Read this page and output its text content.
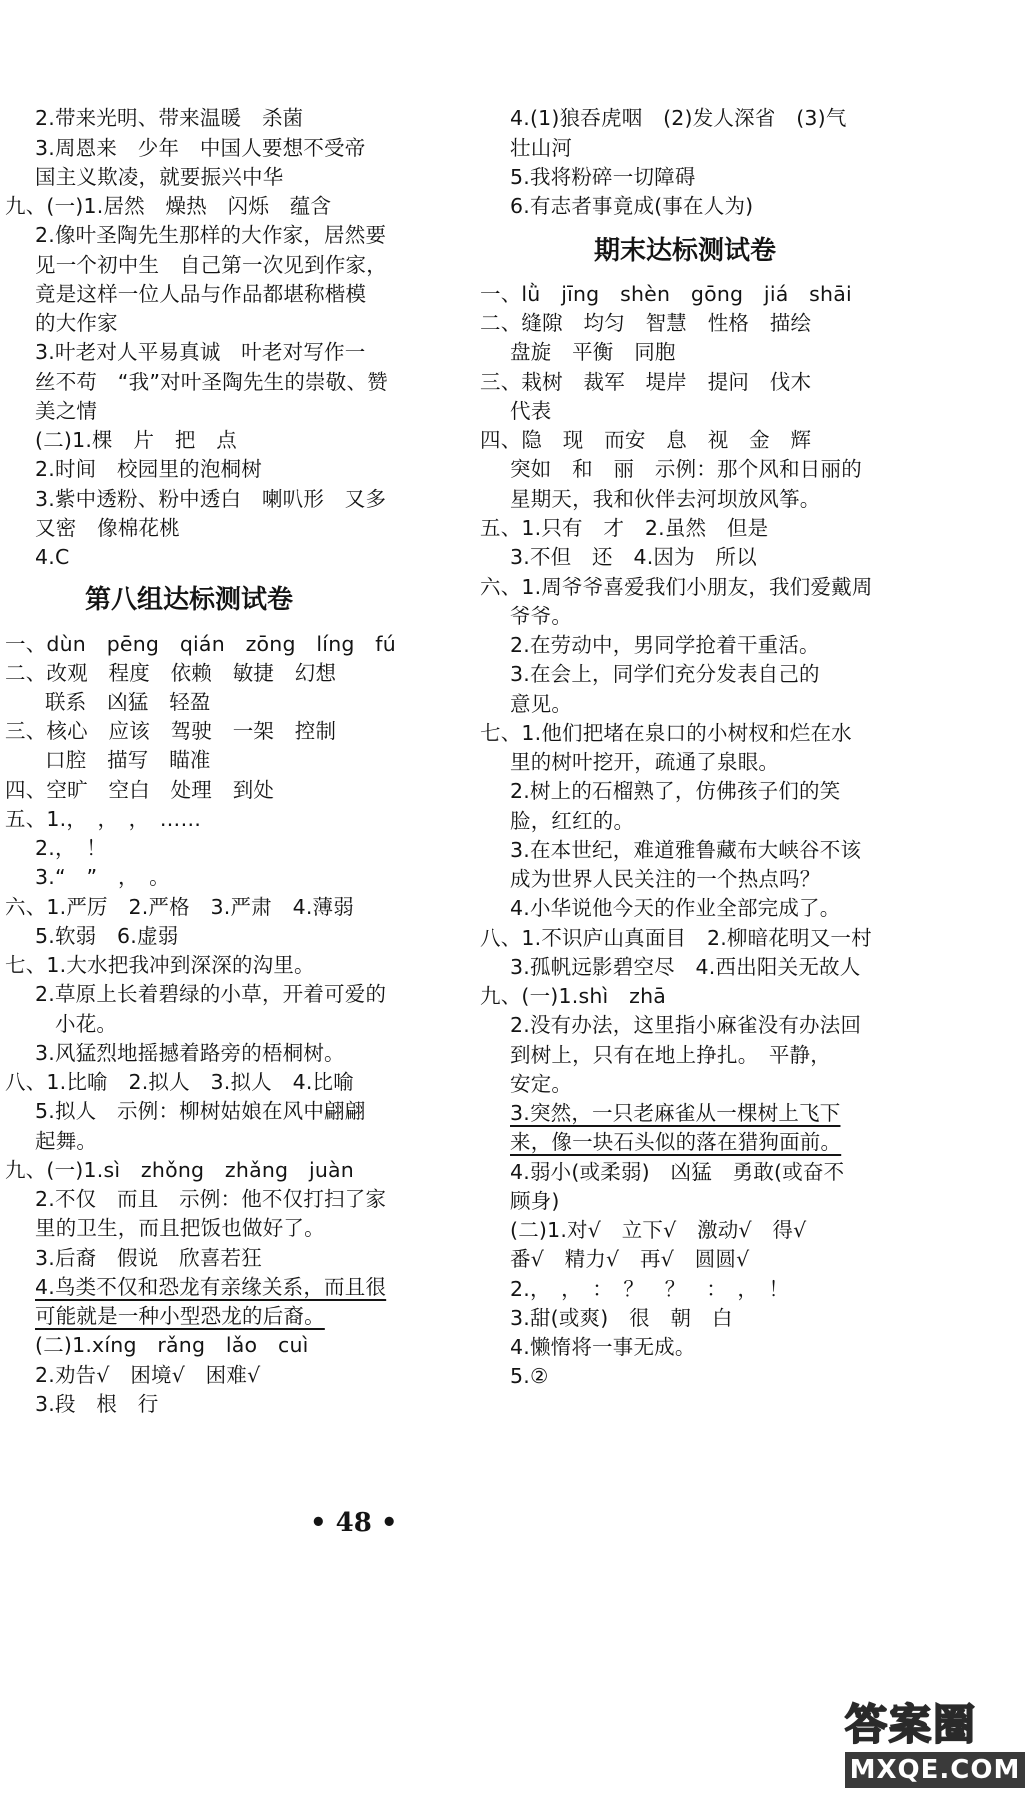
2.带来光明、带来温暖　杀菌
3.周恩来　少年　中国人要想不受帝
国主义欺凌，就要振兴中华
九、(一)1.居然　燥热　闪烁　蕴含
2.像叶圣陶先生那样的大作家，居然要
见一个初中生　自己第一次见到作家，
竟是这样一位人品与作品都堪称楷模
的大作家
3.叶老对人平易真诚　叶老对写作一
丝不苟　“我”对叶圣陶先生的崇敬、赞
美之情
(二)1.棵　片　把　点
2.时间　校园里的泡桐树
3.紫中透粉、粉中透白　喇叭形　又多
又密　像棉花桃
4.C
第八组达标测试卷
一、dùn　pēng　qián　zōng　líng　fú
二、改观　程度　依赖　敏捷　幻想
联系　凶猛　轻盈
三、核心　应该　驾驶　一架　控制
口腔　描写　瞄准
四、空旷　空白　处理　到处
五、1.，　，　，　……
2.，　！
3.“　”　，　。
六、1.严厉　2.严格　3.严肃　4.薄弱
5.软弱　6.虚弱
七、1.大水把我冲到深深的沟里。
2.草原上长着碧绿的小草，开着可爱的
小花。
3.风猛烈地摇撼着路旁的梧桐树。
八、1.比喻　2.拟人　3.拟人　4.比喻
5.拟人　示例：柳树姑娘在风中翩翩
起舞。
九、(一)1.sì　zhǒng　zhǎng　juàn
2.不仅　而且　示例：他不仅打扫了家
里的卫生，而且把饭也做好了。
3.后裔　假说　欣喜若狂
4.鸟类不仅和恐龙有亲缘关系，而且很
可能就是一种小型恐龙的后裔。
(二)1.xíng　rǎng　lǎo　cuì
2.劝告√　困境√　困难√
3.段　根　行
4.(1)狼吞虎咽　(2)发人深省　(3)气
壮山河
5.我将粉碎一切障碍
6.有志者事竟成(事在人为)
期末达标测试卷
一、lǜ　jīng　shèn　gōng　jiá　shāi
二、缝隙　均匀　智慧　性格　描绘
盘旋　平衡　同胞
三、栽树　裁军　堤岸　提问　伐木
代表
四、隐　现　而安　息　视　金　辉
突如　和　丽　示例：那个风和日丽的
星期天，我和伙伴去河坝放风筝。
五、1.只有　才　2.虽然　但是
3.不但　还　4.因为　所以
六、1.周爷爷喜爱我们小朋友，我们爱戴周
爷爷。
2.在劳动中，男同学抢着干重活。
3.在会上，同学们充分发表自己的
意见。
七、1.他们把堵在泉口的小树杈和烂在水
里的树叶挖开，疏通了泉眼。
2.树上的石榴熟了，仿佛孩子们的笑
脸，红红的。
3.在本世纪，难道雅鲁藏布大峡谷不该
成为世界人民关注的一个热点吗？
4.小华说他今天的作业全部完成了。
八、1.不识庐山真面目　2.柳暗花明又一村
3.孤帆远影碧空尽　4.西出阳关无故人
九、(一)1.shì　zhā
2.没有办法，这里指小麻雀没有办法回
到树上，只有在地上挣扎。　平静，
安定。
3.突然，一只老麻雀从一棵树上飞下
来，像一块石头似的落在猎狗面前。
4.弱小(或柔弱)　凶猛　勇敢(或奋不
顾身)
(二)1.对√　立下√　激动√　得√
番√　精力√　再√　圆圆√
2.，　，　：　？　？　：　，　！
3.甜(或爽)　很　朝　白
4.懒惰将一事无成。
5.②
• 48 •
答案圈
MXQE.COM
